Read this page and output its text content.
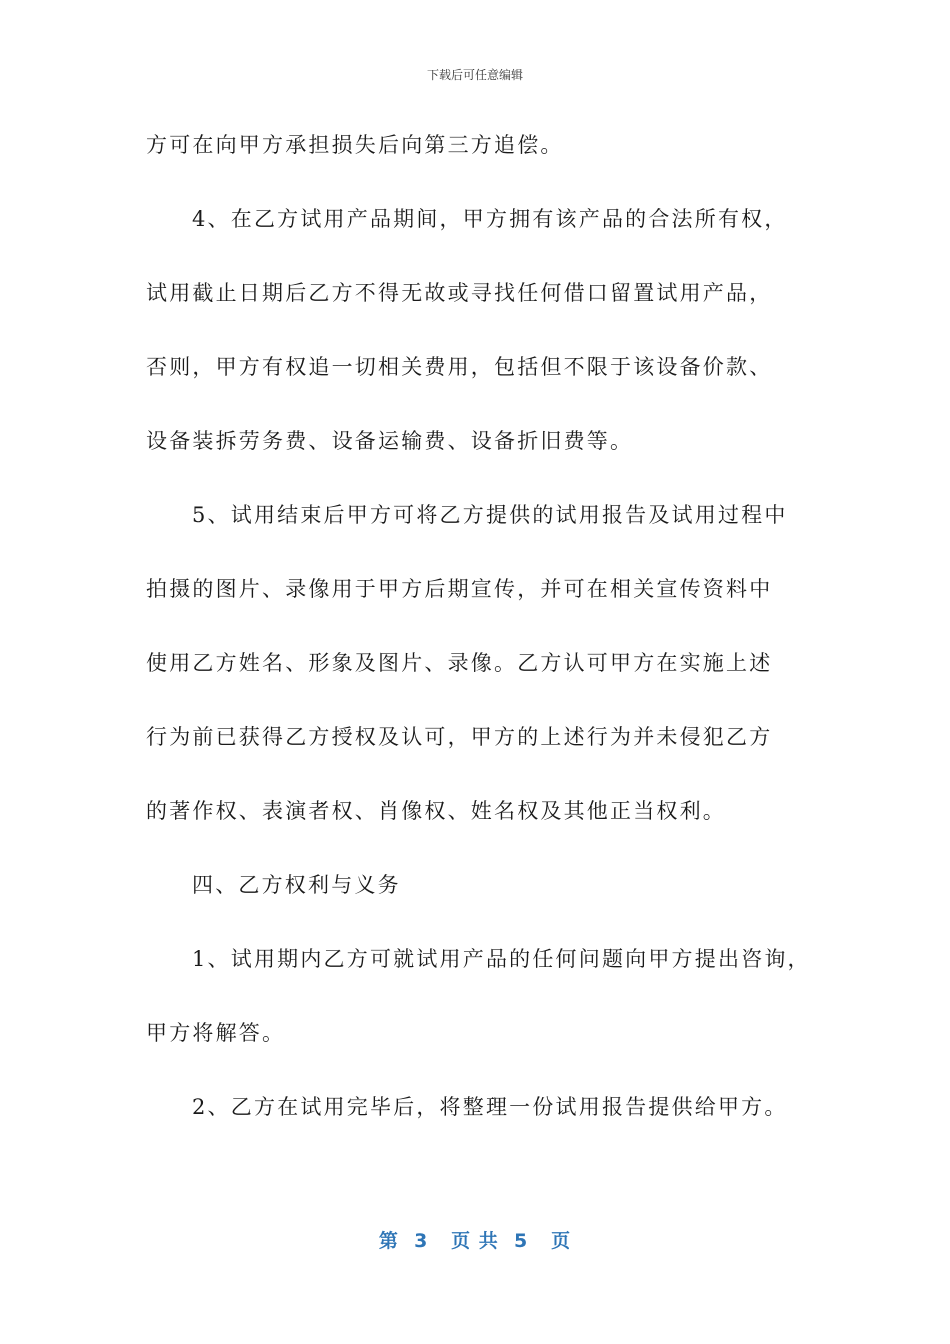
下载后可任意编辑
方可在向甲方承担损失后向第三方追偿。
4、在乙方试用产品期间，甲方拥有该产品的合法所有权，
试用截止日期后乙方不得无故或寻找任何借口留置试用产品，
否则，甲方有权追一切相关费用，包括但不限于该设备价款、
设备装拆劳务费、设备运输费、设备折旧费等。
5、试用结束后甲方可将乙方提供的试用报告及试用过程中
拍摄的图片、录像用于甲方后期宣传，并可在相关宣传资料中
使用乙方姓名、形象及图片、录像。乙方认可甲方在实施上述
行为前已获得乙方授权及认可，甲方的上述行为并未侵犯乙方
的著作权、表演者权、肖像权、姓名权及其他正当权利。
四、乙方权利与义务
1、试用期内乙方可就试用产品的任何问题向甲方提出咨询，
甲方将解答。
2、乙方在试用完毕后，将整理一份试用报告提供给甲方。
第  3   页 共  5   页
